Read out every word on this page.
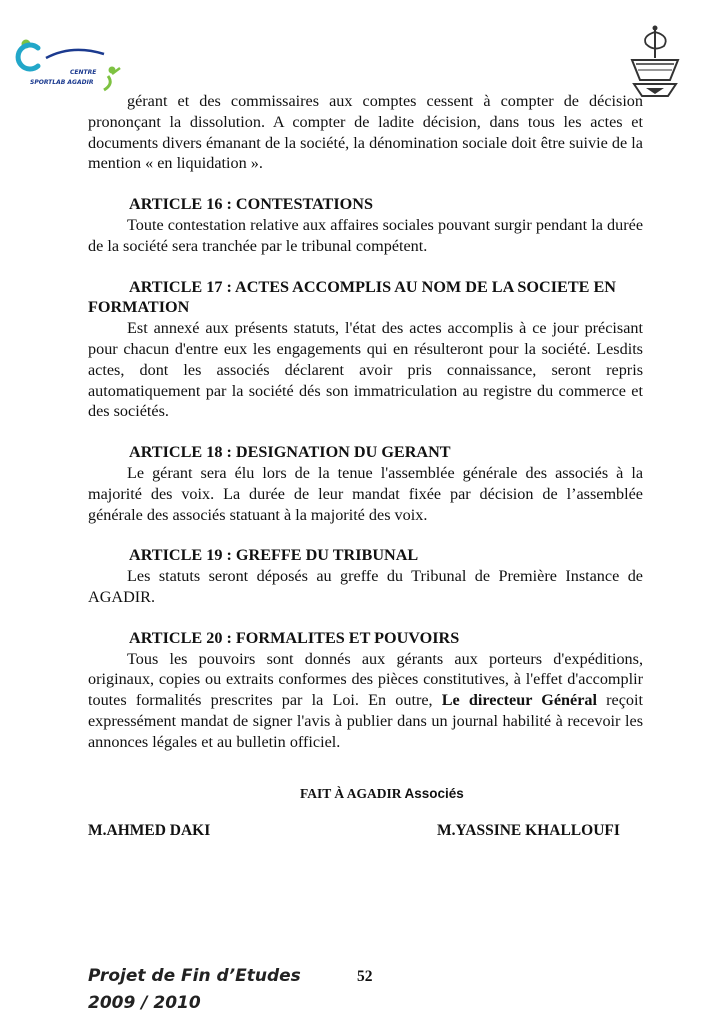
CENTRE
SPORTLAB AGADIR

gérant et des commissaires aux comptes cessent à compter de décision prononçant la dissolution. A compter de ladite décision, dans tous les actes et documents divers émanant de la société, la dénomination sociale doit être suivie de la mention « en liquidation ».

ARTICLE 16 : CONTESTATIONS

Toute contestation relative aux affaires sociales pouvant surgir pendant la durée de la société sera tranchée par le tribunal compétent.

ARTICLE 17 : ACTES ACCOMPLIS AU NOM DE LA SOCIETE EN FORMATION

Est annexé aux présents statuts, l'état des actes accomplis à ce jour précisant pour chacun d'entre eux les engagements qui en résulteront pour la société. Lesdits actes, dont les associés déclarent avoir pris connaissance, seront repris automatiquement par la société dés son immatriculation au registre du commerce et des sociétés.

ARTICLE 18 : DESIGNATION DU GERANT

Le gérant sera élu lors de la tenue l'assemblée générale des associés à la majorité des voix. La durée de leur mandat fixée par décision de l’assemblée générale des associés statuant à la majorité des voix.

ARTICLE 19 : GREFFE DU TRIBUNAL

Les statuts seront déposés au greffe du Tribunal de Première Instance de AGADIR.

ARTICLE 20 : FORMALITES ET POUVOIRS

Tous les pouvoirs sont donnés aux gérants aux porteurs d'expéditions, originaux, copies ou extraits conformes des pièces constitutives, à l'effet d'accomplir toutes formalités prescrites par la Loi. En outre, Le directeur Général reçoit expressément mandat de signer l'avis à publier dans un journal habilité à recevoir les annonces légales et au bulletin officiel.

FAIT À AGADIR Associés
M.AHMED DAKI	M.YASSINE KHALLOUFI
Projet de Fin d’Etudes
2009 / 2010
52
